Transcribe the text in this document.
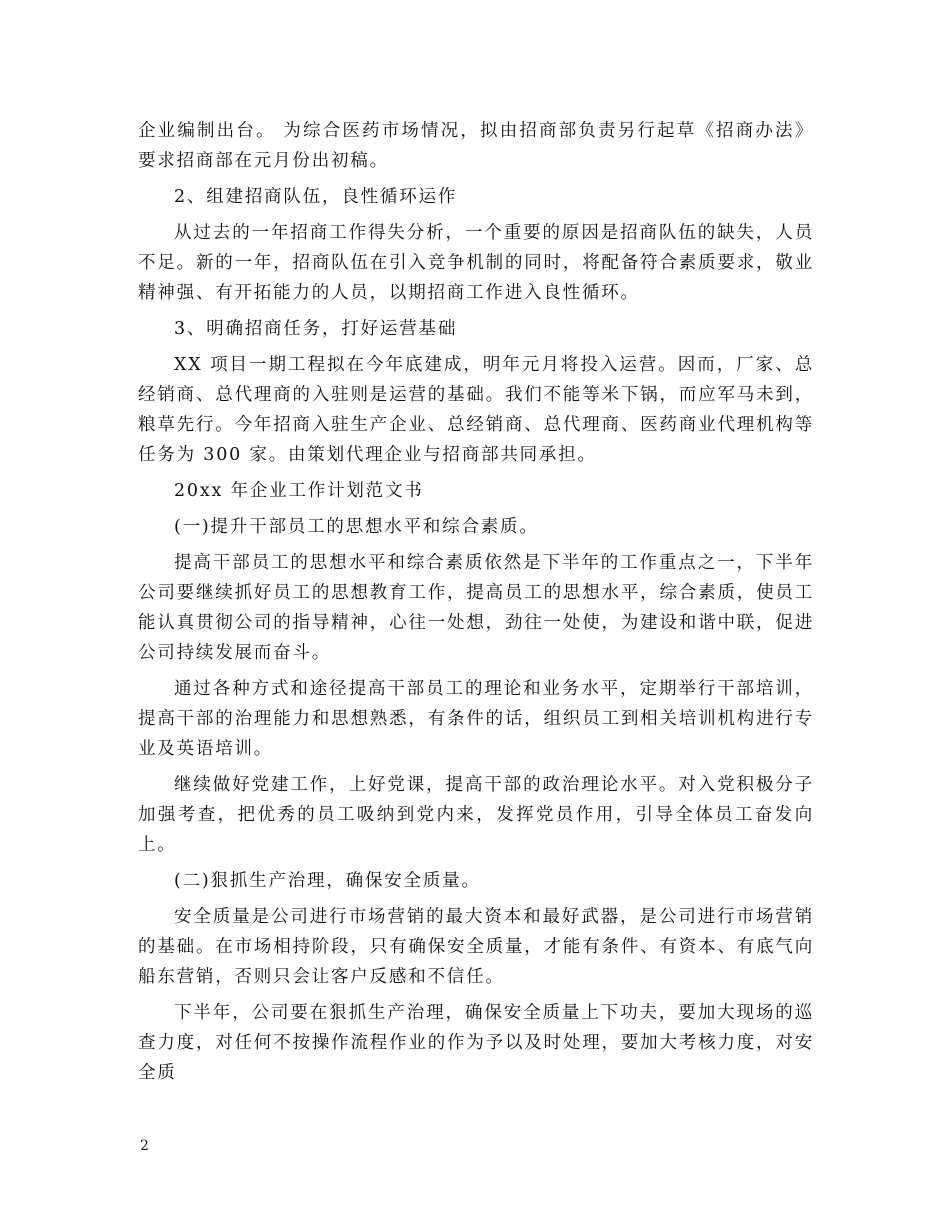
企业编制出台。 为综合医药市场情况，拟由招商部负责另行起草《招商办法》要求招商部在元月份出初稿。

2、组建招商队伍，良性循环运作

从过去的一年招商工作得失分析，一个重要的原因是招商队伍的缺失，人员不足。新的一年，招商队伍在引入竞争机制的同时，将配备符合素质要求，敬业精神强、有开拓能力的人员，以期招商工作进入良性循环。

3、明确招商任务，打好运营基础

XX 项目一期工程拟在今年底建成，明年元月将投入运营。因而，厂家、总经销商、总代理商的入驻则是运营的基础。我们不能等米下锅，而应军马未到，粮草先行。今年招商入驻生产企业、总经销商、总代理商、医药商业代理机构等任务为 300 家。由策划代理企业与招商部共同承担。

20xx 年企业工作计划范文书

(一)提升干部员工的思想水平和综合素质。

提高干部员工的思想水平和综合素质依然是下半年的工作重点之一，下半年公司要继续抓好员工的思想教育工作，提高员工的思想水平，综合素质，使员工能认真贯彻公司的指导精神，心往一处想，劲往一处使，为建设和谐中联，促进公司持续发展而奋斗。

通过各种方式和途径提高干部员工的理论和业务水平，定期举行干部培训，提高干部的治理能力和思想熟悉，有条件的话，组织员工到相关培训机构进行专业及英语培训。

继续做好党建工作，上好党课，提高干部的政治理论水平。对入党积极分子加强考查，把优秀的员工吸纳到党内来，发挥党员作用，引导全体员工奋发向上。

(二)狠抓生产治理，确保安全质量。

安全质量是公司进行市场营销的最大资本和最好武器，是公司进行市场营销的基础。在市场相持阶段，只有确保安全质量，才能有条件、有资本、有底气向船东营销，否则只会让客户反感和不信任。

下半年，公司要在狠抓生产治理，确保安全质量上下功夫，要加大现场的巡查力度，对任何不按操作流程作业的作为予以及时处理，要加大考核力度，对安全质

2
